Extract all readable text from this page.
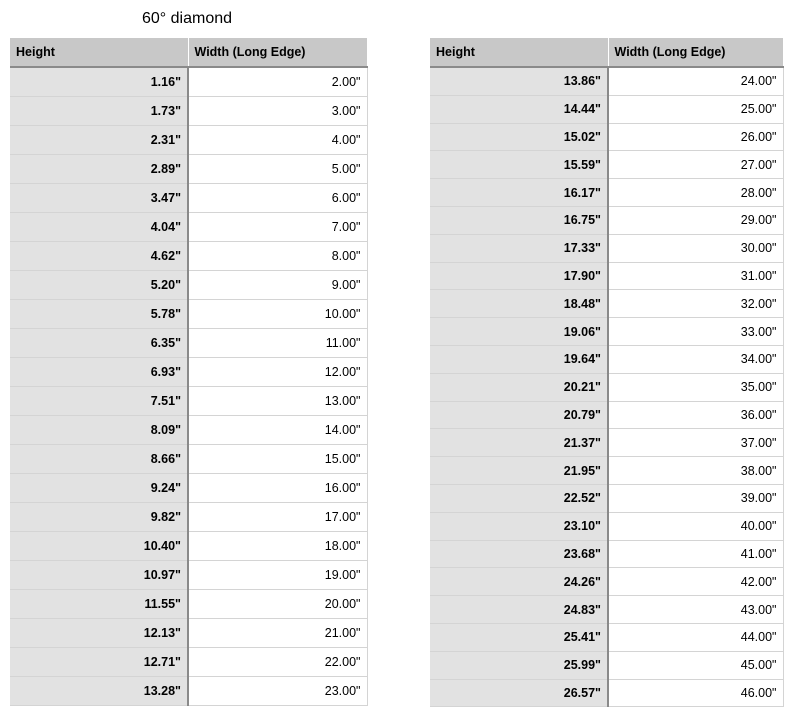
60° diamond
Height	Width (Long Edge)
1.16"	2.00"
1.73"	3.00"
2.31"	4.00"
2.89"	5.00"
3.47"	6.00"
4.04"	7.00"
4.62"	8.00"
5.20"	9.00"
5.78"	10.00"
6.35"	11.00"
6.93"	12.00"
7.51"	13.00"
8.09"	14.00"
8.66"	15.00"
9.24"	16.00"
9.82"	17.00"
10.40"	18.00"
10.97"	19.00"
11.55"	20.00"
12.13"	21.00"
12.71"	22.00"
13.28"	23.00"
Height	Width (Long Edge)
13.86"	24.00"
14.44"	25.00"
15.02"	26.00"
15.59"	27.00"
16.17"	28.00"
16.75"	29.00"
17.33"	30.00"
17.90"	31.00"
18.48"	32.00"
19.06"	33.00"
19.64"	34.00"
20.21"	35.00"
20.79"	36.00"
21.37"	37.00"
21.95"	38.00"
22.52"	39.00"
23.10"	40.00"
23.68"	41.00"
24.26"	42.00"
24.83"	43.00"
25.41"	44.00"
25.99"	45.00"
26.57"	46.00"
